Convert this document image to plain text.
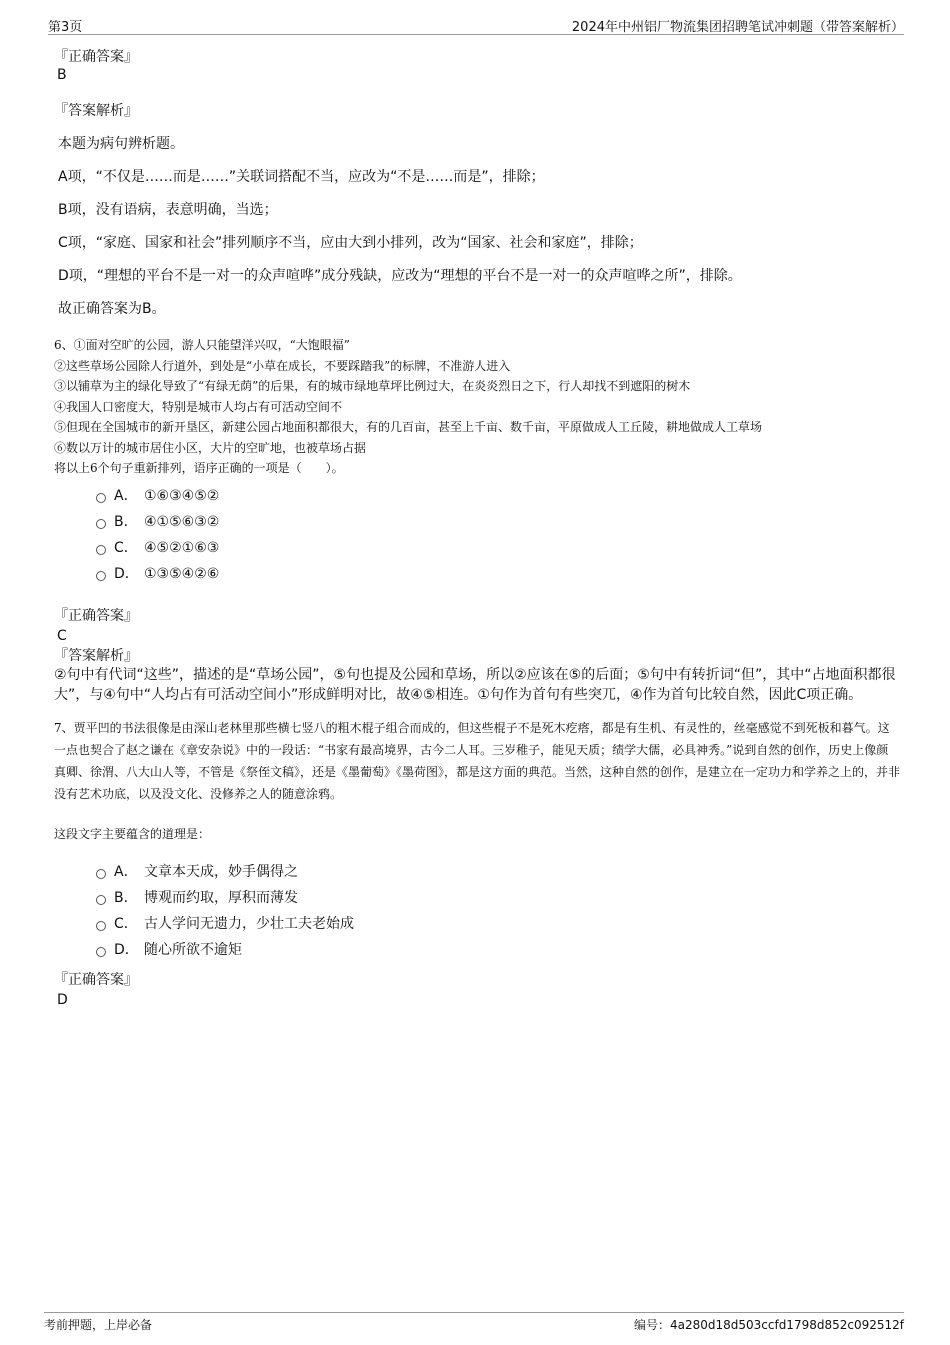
第3页	2024年中州铝厂物流集团招聘笔试冲刺题（带答案解析）
『正确答案』
B
『答案解析』
本题为病句辨析题。
A项，“不仅是……而是……”关联词搭配不当，应改为“不是……而是”，排除；
B项，没有语病，表意明确，当选；
C项，“家庭、国家和社会”排列顺序不当，应由大到小排列，改为“国家、社会和家庭”，排除；
D项，“理想的平台不是一对一的众声喧哗”成分残缺，应改为“理想的平台不是一对一的众声喧哗之所”，排除。
故正确答案为B。
6、①面对空旷的公园，游人只能望洋兴叹，“大饱眼福”
②这些草场公园除人行道外，到处是“小草在成长，不要踩踏我”的标牌，不准游人进入
③以铺草为主的绿化导致了“有绿无荫”的后果，有的城市绿地草坪比例过大，在炎炎烈日之下，行人却找不到遮阳的树木
④我国人口密度大，特别是城市人均占有可活动空间不
⑤但现在全国城市的新开垦区，新建公园占地面积都很大，有的几百亩，甚至上千亩、数千亩，平原做成人工丘陵，耕地做成人工草场
⑥数以万计的城市居住小区，大片的空旷地，也被草场占据
将以上6个句子重新排列，语序正确的一项是（　　）。
A． ①⑥③④⑤②
B． ④①⑤⑥③②
C． ④⑤②①⑥③
D． ①③⑤④②⑥
『正确答案』
C
『答案解析』
②句中有代词“这些”，描述的是“草场公园”，⑤句也提及公园和草场，所以②应该在⑤的后面；⑤句中有转折词“但”，其中“占地面积都很大”，与④句中“人均占有可活动空间小”形成鲜明对比，故④⑤相连。①句作为首句有些突兀，④作为首句比较自然，因此C项正确。
7、贾平凹的书法很像是由深山老林里那些横七竖八的粗木棍子组合而成的，但这些棍子不是死木疙瘩，都是有生机、有灵性的，丝毫感觉不到死板和暮气。这一点也契合了赵之谦在《章安杂说》中的一段话：“书家有最高境界，古今二人耳。三岁稚子，能见天质；绩学大儒，必具神秀。”说到自然的创作，历史上像颜真卿、徐渭、八大山人等，不管是《祭侄文稿》，还是《墨葡萄》《墨荷图》，都是这方面的典范。当然，这种自然的创作，是建立在一定功力和学养之上的，并非没有艺术功底，以及没文化、没修养之人的随意涂鸦。
这段文字主要蕴含的道理是：
A． 文章本天成，妙手偶得之
B． 博观而约取，厚积而薄发
C． 古人学问无遗力，少壮工夫老始成
D． 随心所欲不逾矩
『正确答案』
D
考前押题，上岸必备	编号：4a280d18d503ccfd1798d852c092512f
